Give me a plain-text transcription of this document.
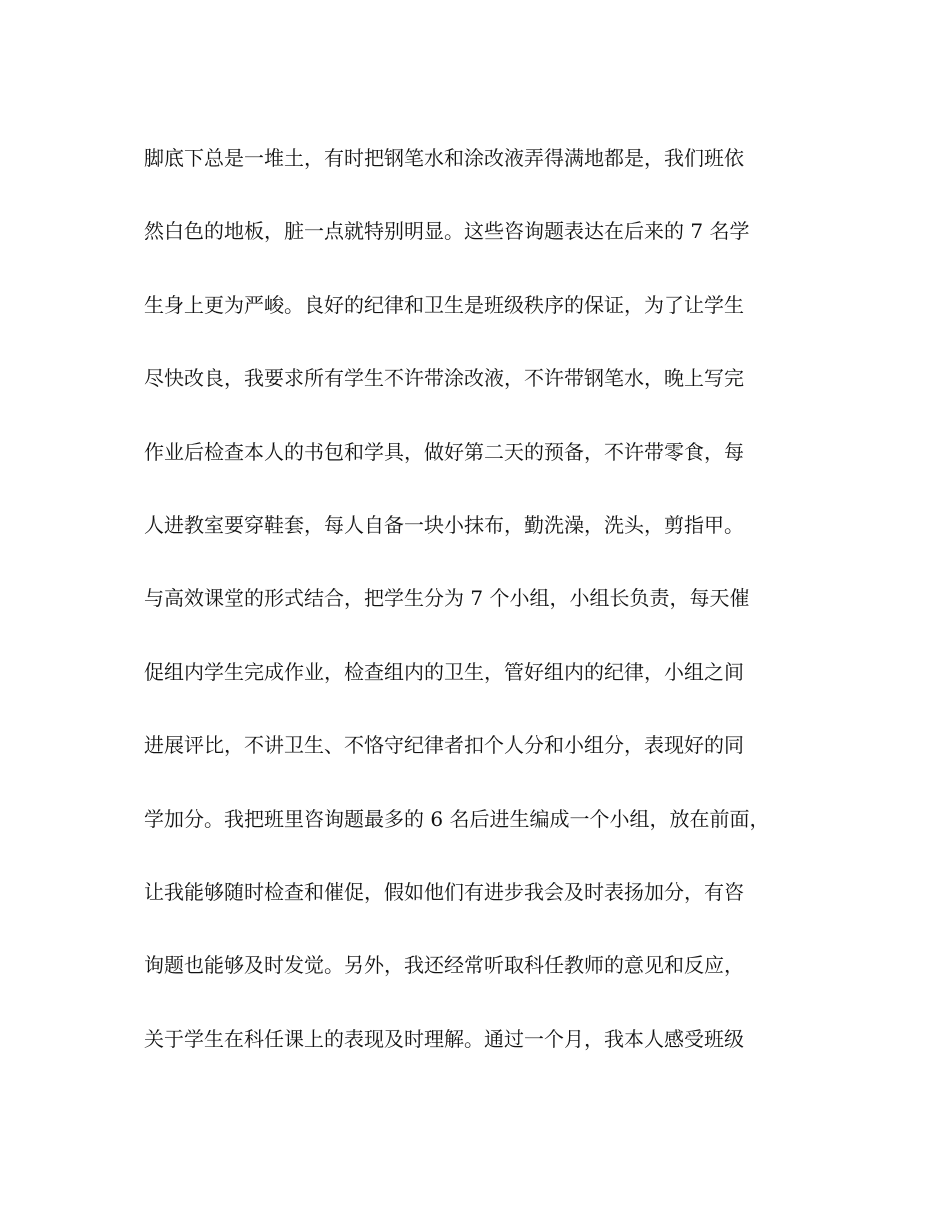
脚底下总是一堆土，有时把钢笔水和涂改液弄得满地都是，我们班依
然白色的地板，脏一点就特别明显。这些咨询题表达在后来的 7 名学
生身上更为严峻。良好的纪律和卫生是班级秩序的保证，为了让学生
尽快改良，我要求所有学生不许带涂改液，不许带钢笔水，晚上写完
作业后检查本人的书包和学具，做好第二天的预备，不许带零食，每
人进教室要穿鞋套，每人自备一块小抹布，勤洗澡，洗头，剪指甲。
与高效课堂的形式结合，把学生分为 7 个小组，小组长负责，每天催
促组内学生完成作业，检查组内的卫生，管好组内的纪律，小组之间
进展评比，不讲卫生、不恪守纪律者扣个人分和小组分，表现好的同
学加分。我把班里咨询题最多的 6 名后进生编成一个小组，放在前面，
让我能够随时检查和催促，假如他们有进步我会及时表扬加分，有咨
询题也能够及时发觉。另外，我还经常听取科任教师的意见和反应，
关于学生在科任课上的表现及时理解。通过一个月，我本人感受班级
